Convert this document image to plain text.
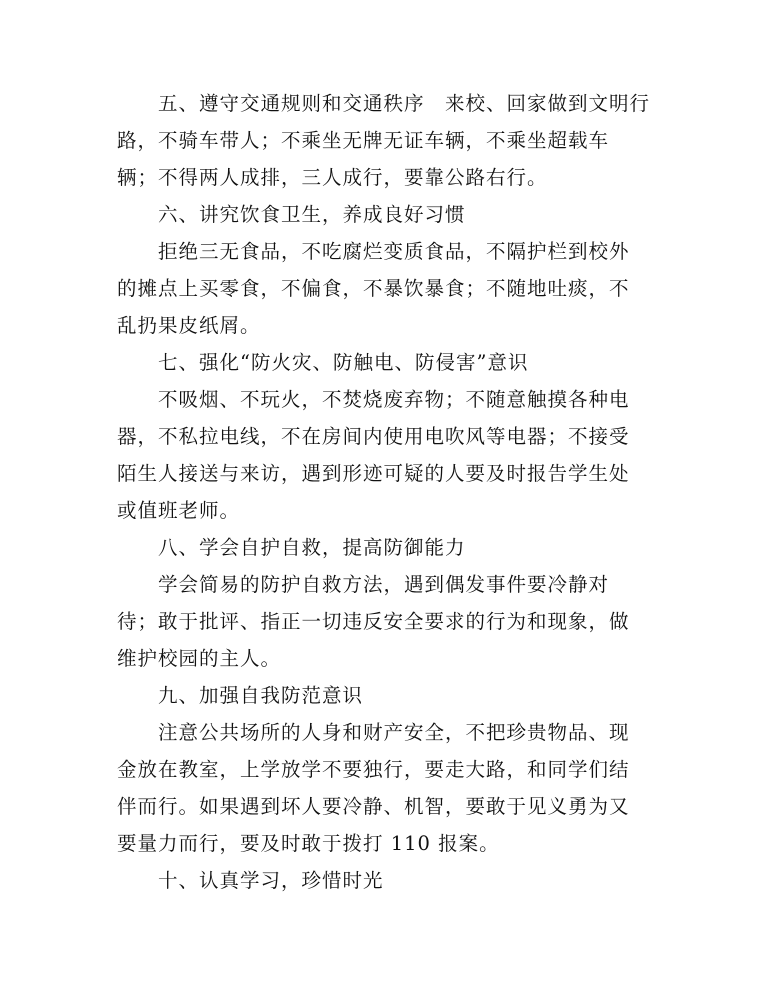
五、遵守交通规则和交通秩序　来校、回家做到文明行
路，不骑车带人；不乘坐无牌无证车辆，不乘坐超载车
辆；不得两人成排，三人成行，要靠公路右行。
六、讲究饮食卫生，养成良好习惯
拒绝三无食品，不吃腐烂变质食品，不隔护栏到校外
的摊点上买零食，不偏食，不暴饮暴食；不随地吐痰，不
乱扔果皮纸屑。
七、强化“防火灾、防触电、防侵害”意识
不吸烟、不玩火，不焚烧废弃物；不随意触摸各种电
器，不私拉电线，不在房间内使用电吹风等电器；不接受
陌生人接送与来访，遇到形迹可疑的人要及时报告学生处
或值班老师。
八、学会自护自救，提高防御能力
学会简易的防护自救方法，遇到偶发事件要冷静对
待；敢于批评、指正一切违反安全要求的行为和现象，做
维护校园的主人。
九、加强自我防范意识
注意公共场所的人身和财产安全，不把珍贵物品、现
金放在教室，上学放学不要独行，要走大路，和同学们结
伴而行。如果遇到坏人要冷静、机智，要敢于见义勇为又
要量力而行，要及时敢于拨打 110 报案。
十、认真学习，珍惜时光
